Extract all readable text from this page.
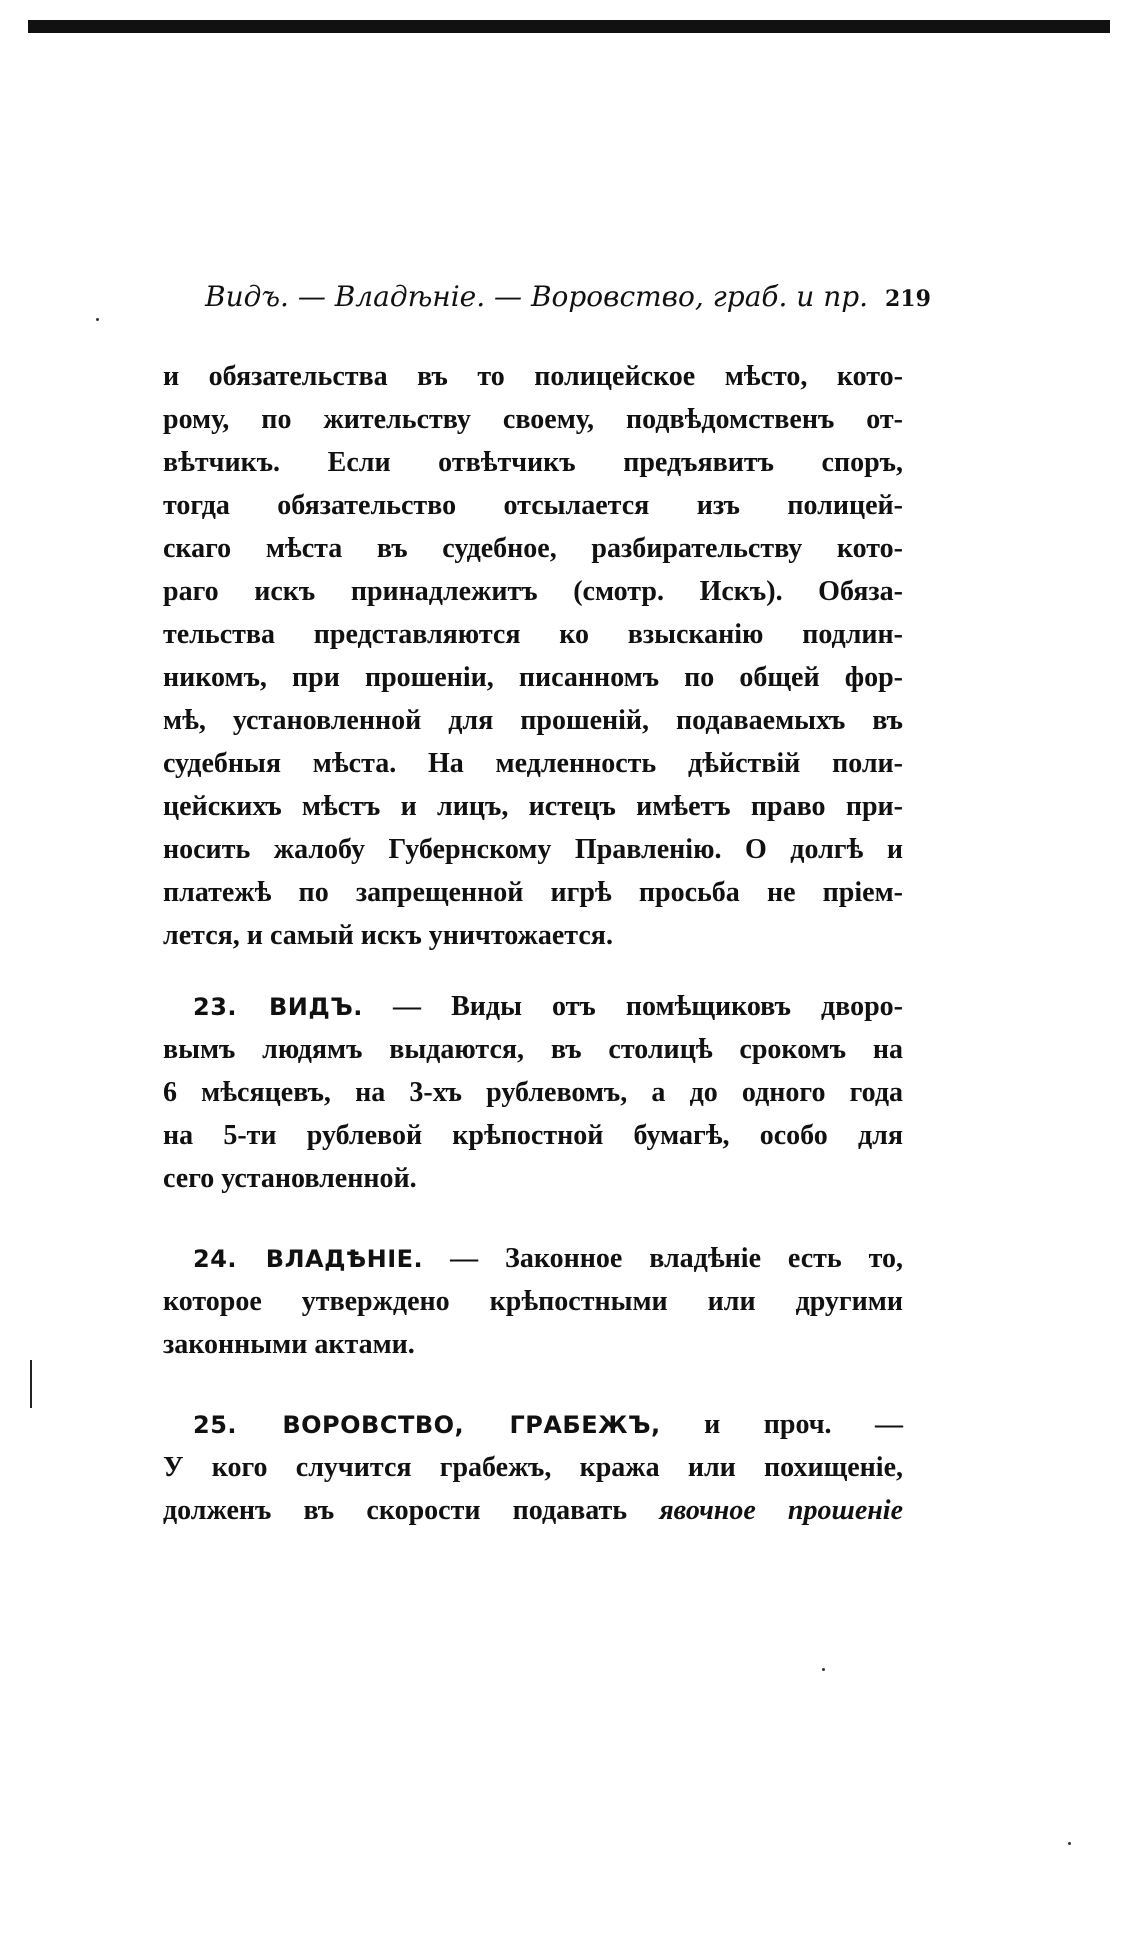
Видъ. — Владѣніе. — Воровство, граб. и пр. 219
и обязательства въ то полицейское мѣсто, кото-
рому, по жительству своему, подвѣдомственъ от-
вѣтчикъ. Если отвѣтчикъ предъявитъ споръ,
тогда обязательство отсылается изъ полицей-
скаго мѣста въ судебное, разбирательству кото-
раго искъ принадлежитъ (смотр. Искъ). Обяза-
тельства представляются ко взысканію подлин-
никомъ, при прошеніи, писанномъ по общей фор-
мѣ, установленной для прошеній, подаваемыхъ въ
судебныя мѣста. На медленность дѣйствій поли-
цейскихъ мѣстъ и лицъ, истецъ имѣетъ право при-
носить жалобу Губернскому Правленію. О долгѣ и
платежѣ по запрещенной игрѣ просьба не пріем-
лется, и самый искъ уничтожается.
23. ВИДЪ. — Виды отъ помѣщиковъ дворо-
вымъ людямъ выдаются, въ столицѣ срокомъ на
6 мѣсяцевъ, на 3-хъ рублевомъ, а до одного года
на 5-ти рублевой крѣпостной бумагѣ, особо для
сего установленной.
24. ВЛАДѢНІЕ. — Законное владѣніе есть то,
которое утверждено крѣпостными или другими
законными актами.
25. ВОРОВСТВО, ГРАБЕЖЪ, и проч. —
У кого случится грабежъ, кража или похищеніе,
долженъ въ скорости подавать явочное прошеніе
